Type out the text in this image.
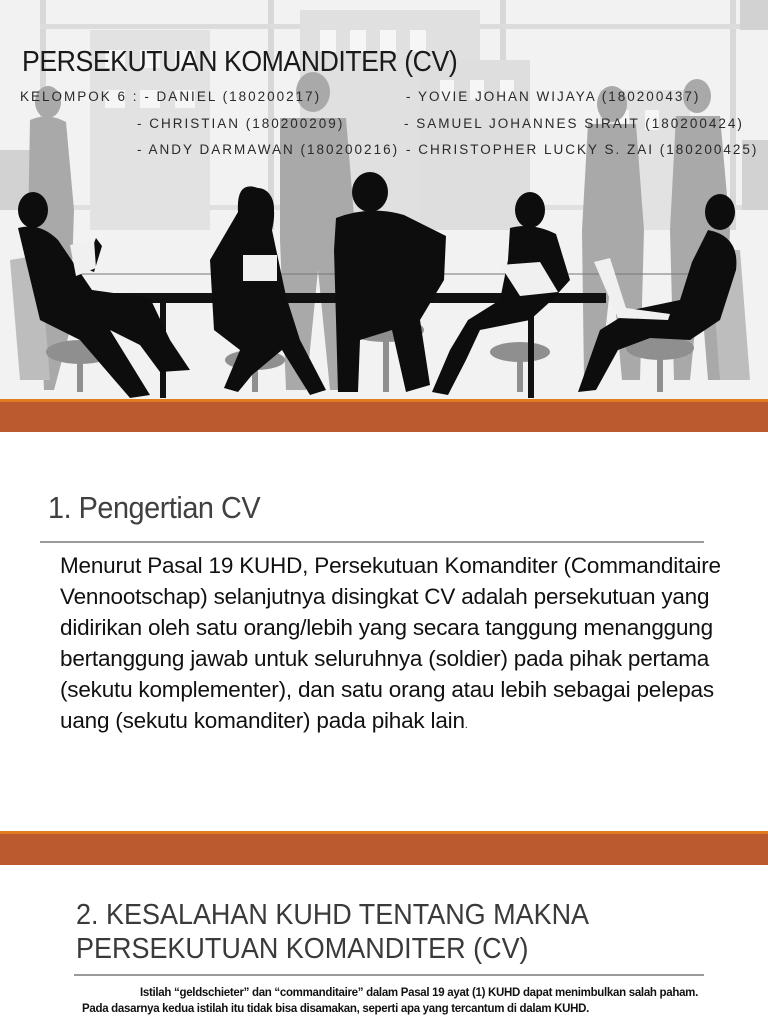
PERSEKUTUAN KOMANDITER (CV)
KELOMPOK 6 : - DANIEL (180200217)
- CHRISTIAN (180200209)
- ANDY DARMAWAN (180200216)
- YOVIE JOHAN WIJAYA (180200437)
- SAMUEL JOHANNES SIRAIT (180200424)
- CHRISTOPHER LUCKY S. ZAI (180200425)
1. Pengertian CV
Menurut Pasal 19 KUHD, Persekutuan Komanditer (Commanditaire Vennootschap) selanjutnya disingkat CV adalah persekutuan yang didirikan oleh satu orang/lebih yang secara tanggung menanggung bertanggung jawab untuk seluruhnya (soldier) pada pihak pertama (sekutu komplementer), dan satu orang atau lebih sebagai pelepas uang (sekutu komanditer) pada pihak lain.
2. KESALAHAN KUHD TENTANG MAKNA
PERSEKUTUAN KOMANDITER (CV)
Istilah “geldschieter” dan “commanditaire” dalam Pasal 19 ayat (1) KUHD dapat menimbulkan salah paham. Pada dasarnya kedua istilah itu tidak bisa disamakan, seperti apa yang tercantum di dalam KUHD.
